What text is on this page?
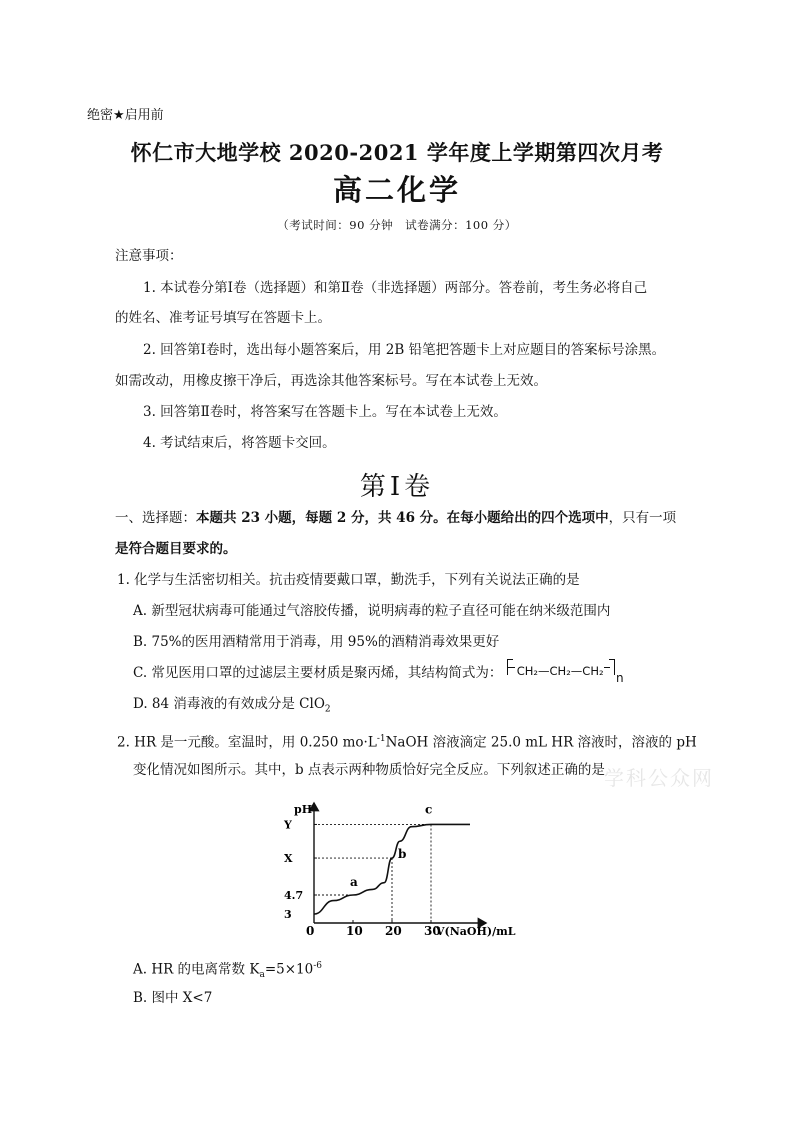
绝密★启用前
怀仁市大地学校 2020-2021 学年度上学期第四次月考
高二化学
（考试时间：90 分钟　试卷满分：100 分）
注意事项：
1. 本试卷分第Ⅰ卷（选择题）和第Ⅱ卷（非选择题）两部分。答卷前，考生务必将自己
的姓名、准考证号填写在答题卡上。
2. 回答第Ⅰ卷时，选出每小题答案后，用 2B 铅笔把答题卡上对应题目的答案标号涂黑。
如需改动，用橡皮擦干净后，再选涂其他答案标号。写在本试卷上无效。
3. 回答第Ⅱ卷时，将答案写在答题卡上。写在本试卷上无效。
4. 考试结束后，将答题卡交回。
第Ⅰ卷
一、选择题：本题共 23 小题，每题 2 分，共 46 分。在每小题给出的四个选项中，只有一项
是符合题目要求的。
1. 化学与生活密切相关。抗击疫情要戴口罩，勤洗手，下列有关说法正确的是
A. 新型冠状病毒可能通过气溶胶传播，说明病毒的粒子直径可能在纳米级范围内
B. 75%的医用酒精常用于消毒，用 95%的酒精消毒效果更好
C. 常见医用口罩的过滤层主要材质是聚丙烯，其结构简式为： CH₂—CH₂—CH₂ n
D. 84 消毒液的有效成分是 ClO$_2$
2. HR 是一元酸。室温时，用 0.250 $mo\cdot L^{-1}NaOH$ 溶液滴定 25.0 mL HR 溶液时，溶液的 pH
变化情况如图所示。其中，b 点表示两种物质恰好完全反应。下列叙述正确的是 学科公众网
pH
V(NaOH)/mL
0	10 20 30
3
4.7
X
Y
a
b
c
A. HR 的电离常数 $K_a=5\times 10^{-6}$
B. 图中 X<7
